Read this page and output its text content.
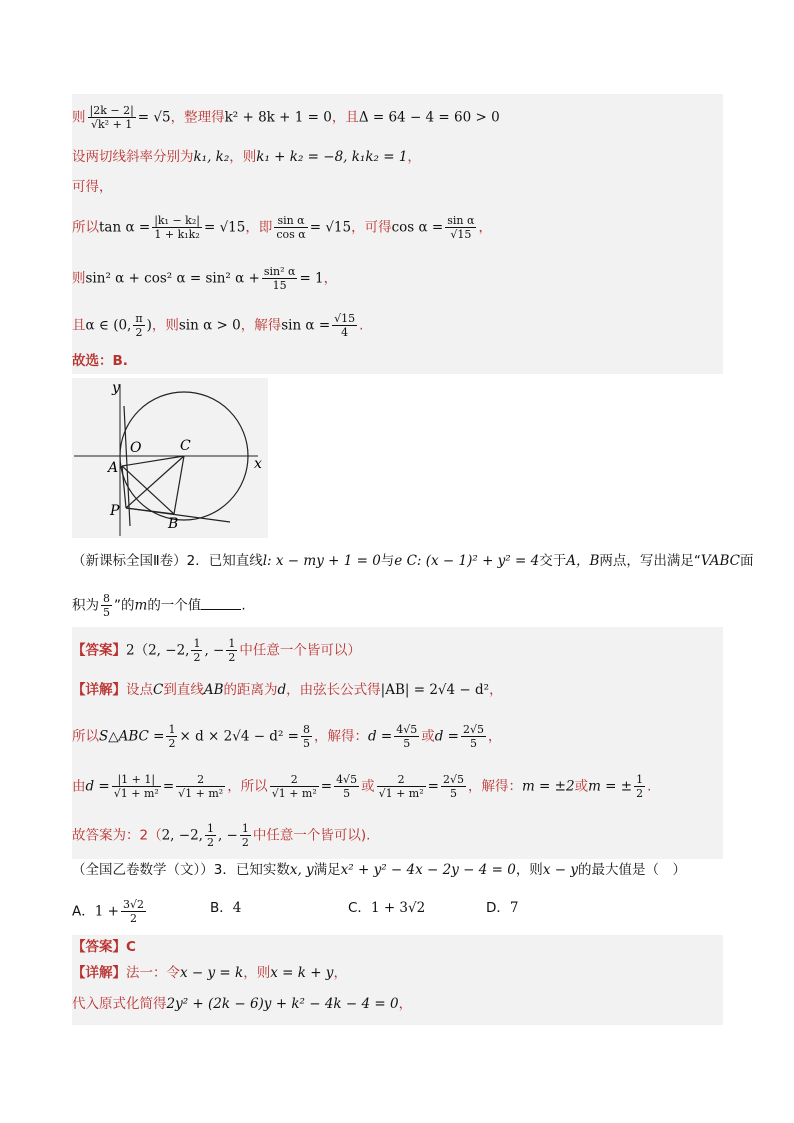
则 $\frac{|2k - 2|}{\text{√k² + 1}} = √5$，整理得k² + 8k + 1 = 0，且Δ = 64 − 4 = 60 > 0
设两切线斜率分别为k₁, k₂，则k₁ + k₂ = −8, k₁k₂ = 1，
可得，
所以$\tan \alpha = \frac{\text{|k₁ − k₂|}}{\text{1 + k₁k₂}} = √15$，即 $\frac{\text{sin α}}{\text{cos α}} = √15$，可得$\cos \alpha = \frac{\text{sin α}}{√15}$ ，
则sin² α + cos² α = sin² $\alpha + \frac{\text{sin² α}}{15} = 1$，
且α ∈ (0, $\frac{\pi}{2}$ )，则sin α > 0，解得$\sin \alpha = \frac{√15}{4}$ .
故选：B.
y
x
O	C
A
P
B
（新课标全国Ⅱ卷）2．已知直线l: x − my + 1 = 0与e C: (x − 1)² + y² = 4交于A，B两点，写出满足“VABC面
积为 $\frac{8}{5}$ ”的m的一个值	.
【答案】2（2, −2, $\frac{1}{2}$ , − $\frac{1}{2}$ 中任意一个皆可以）
【详解】设点C到直线AB的距离为d，由弦长公式得|AB| = 2√4 − d²，
所以S△ABC = $\frac{1}{2} \times d \times 2√4 - d^2 = \frac{8}{5}$ ，解得：$d = \frac{4√5}{5}$ 或$d = \frac{2√5}{5}$ ，
由$d = \frac{|1 + 1|}{\text{√1 + m²}} = \frac{2}{\text{√1 + m²}}$ ，所以 $\frac{2}{\text{√1 + m²}} = \frac{4√5}{5}$ 或 $\frac{2}{\text{√1 + m²}} = \frac{2√5}{5}$ ，解得：m = ±2或m = ± $\frac{1}{2}$ .
故答案为：2（2, −2, $\frac{1}{2}$ , − $\frac{1}{2}$ 中任意一个皆可以).
（全国乙卷数学（文））3．已知实数x, y满足x² + y² − 4x − 2y − 4 = 0，则x − y的最大值是（　）
A．$1 + \frac{3√2}{2}$	B．4	C．1 + 3√2	D．7
【答案】C
【详解】法一：令x − y = k，则x = k + y，
代入原式化简得2y² + (2k − 6)y + k² − 4k − 4 = 0，
